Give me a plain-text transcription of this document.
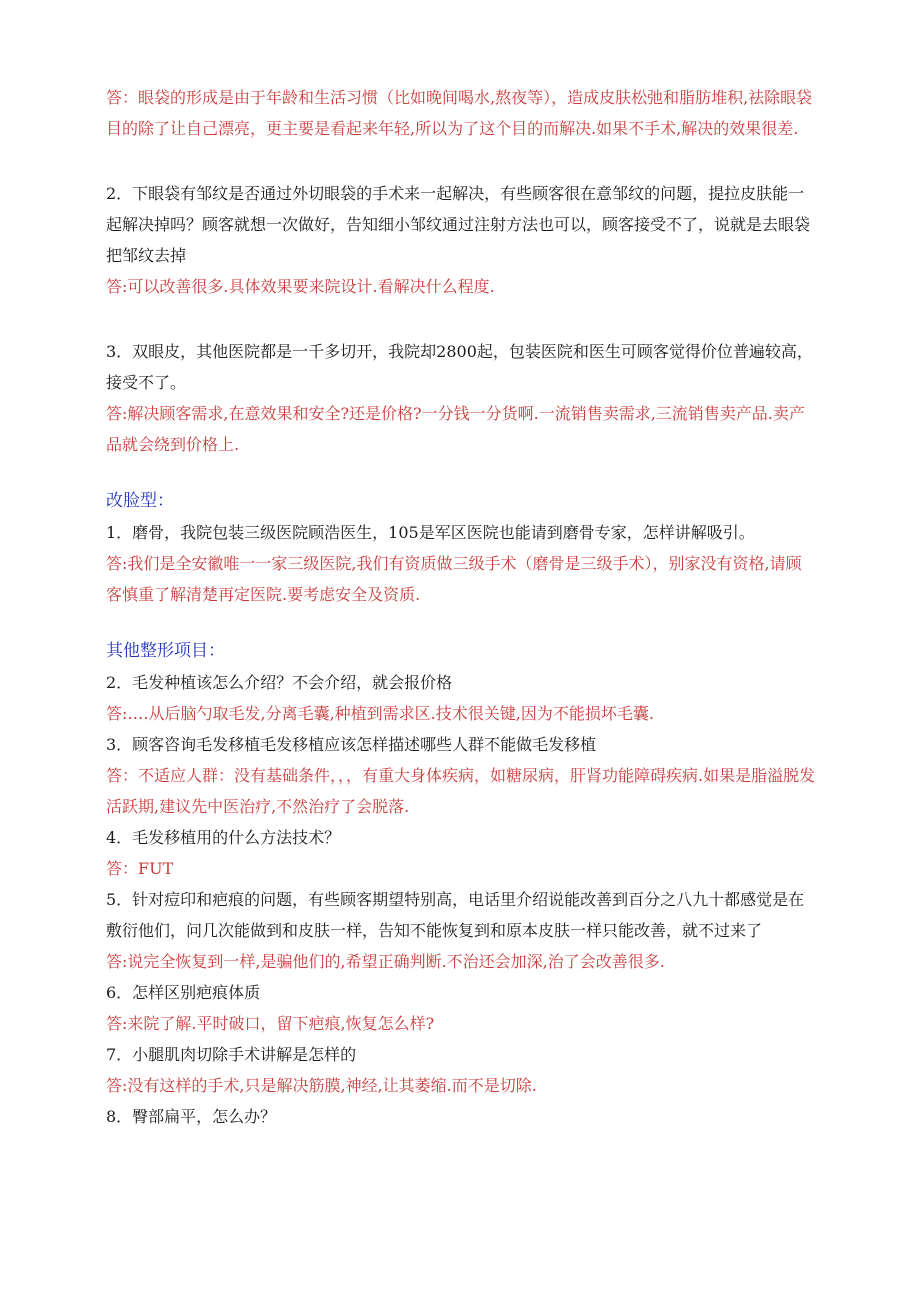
答：眼袋的形成是由于年龄和生活习惯（比如晚间喝水,熬夜等），造成皮肤松弛和脂肪堆积,祛除眼袋目的除了让自己漂亮，更主要是看起来年轻,所以为了这个目的而解决.如果不手术,解决的效果很差.

2．下眼袋有邹纹是否通过外切眼袋的手术来一起解决，有些顾客很在意邹纹的问题，提拉皮肤能一起解决掉吗？顾客就想一次做好，告知细小邹纹通过注射方法也可以，顾客接受不了，说就是去眼袋把邹纹去掉

答:可以改善很多.具体效果要来院设计.看解决什么程度.

3．双眼皮，其他医院都是一千多切开，我院却2800起，包装医院和医生可顾客觉得价位普遍较高，接受不了。

答:解决顾客需求,在意效果和安全?还是价格?一分钱一分货啊.一流销售卖需求,三流销售卖产品.卖产品就会绕到价格上.

改脸型：

1．磨骨，我院包装三级医院顾浩医生，105是军区医院也能请到磨骨专家，怎样讲解吸引。

答:我们是全安徽唯一一家三级医院,我们有资质做三级手术（磨骨是三级手术），别家没有资格,请顾客慎重了解清楚再定医院.要考虑安全及资质.

其他整形项目：

2．毛发种植该怎么介绍？不会介绍，就会报价格

答:….从后脑勺取毛发,分离毛囊,种植到需求区.技术很关键,因为不能损坏毛囊.

3．顾客咨询毛发移植毛发移植应该怎样描述哪些人群不能做毛发移植

答：不适应人群：没有基础条件，，，有重大身体疾病，如糖尿病，肝肾功能障碍疾病.如果是脂溢脱发活跃期,建议先中医治疗,不然治疗了会脱落.

4．毛发移植用的什么方法技术？

答：FUT

5．针对痘印和疤痕的问题，有些顾客期望特别高，电话里介绍说能改善到百分之八九十都感觉是在敷衍他们，问几次能做到和皮肤一样，告知不能恢复到和原本皮肤一样只能改善，就不过来了

答:说完全恢复到一样,是骗他们的,希望正确判断.不治还会加深,治了会改善很多.

6．怎样区别疤痕体质

答:来院了解.平时破口，留下疤痕,恢复怎么样?

7．小腿肌肉切除手术讲解是怎样的

答:没有这样的手术,只是解决筋膜,神经,让其萎缩.而不是切除.

8．臀部扁平，怎么办？
